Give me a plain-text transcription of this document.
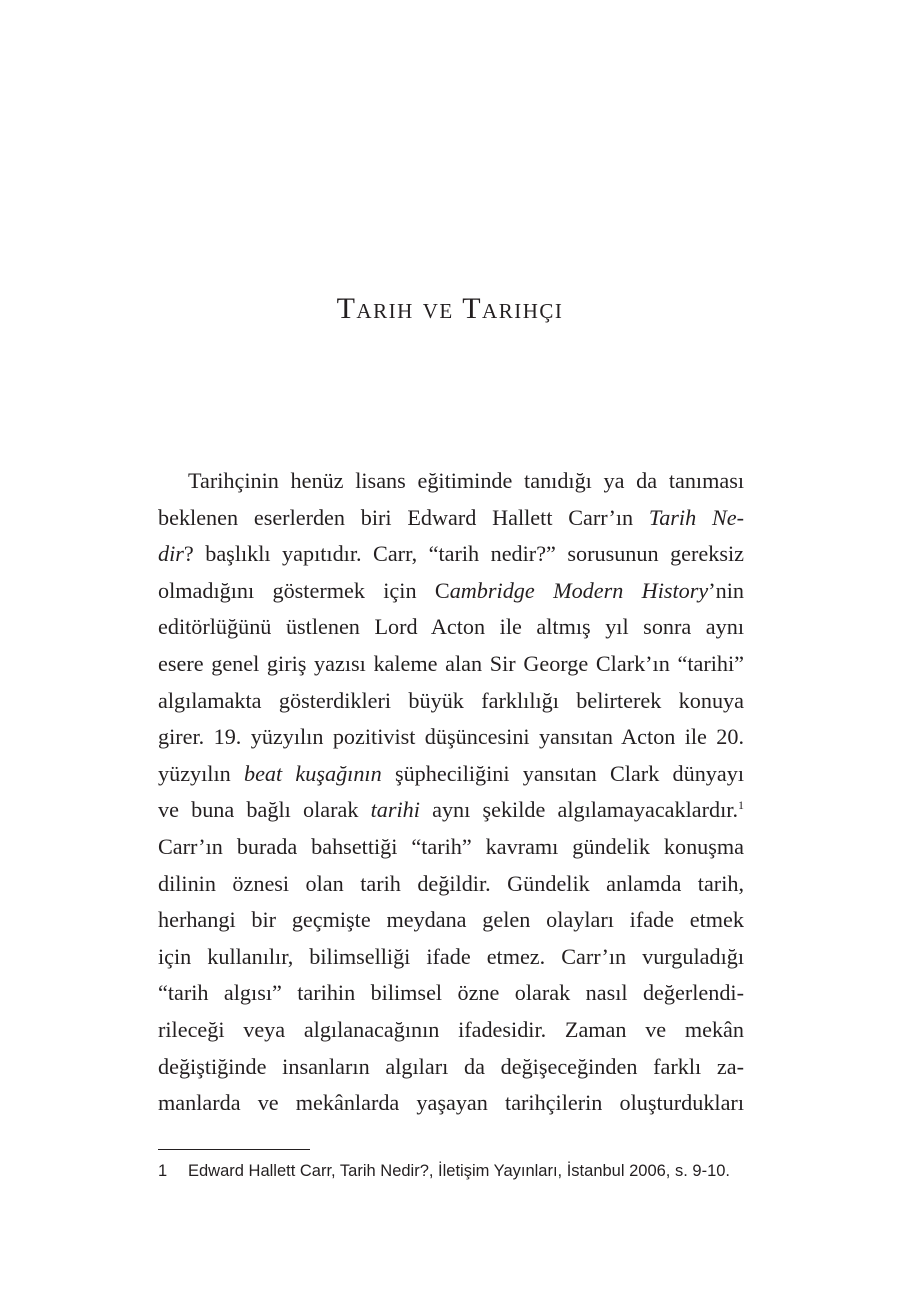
Tarih ve Tarihçi
Tarihçinin henüz lisans eğitiminde tanıdığı ya da tanıması
beklenen eserlerden biri Edward Hallett Carr’ın Tarih Ne-
dir? başlıklı yapıtıdır. Carr, “tarih nedir?” sorusunun gereksiz
olmadığını göstermek için Cambridge Modern History’nin
editörlüğünü üstlenen Lord Acton ile altmış yıl sonra aynı
esere genel giriş yazısı kaleme alan Sir George Clark’ın “tarihi”
algılamakta gösterdikleri büyük farklılığı belirterek konuya
girer. 19. yüzyılın pozitivist düşüncesini yansıtan Acton ile 20.
yüzyılın beat kuşağının şüpheciliğini yansıtan Clark dünyayı
ve buna bağlı olarak tarihi aynı şekilde algılamayacaklardır.$^1$
Carr’ın burada bahsettiği “tarih” kavramı gündelik konuşma
dilinin öznesi olan tarih değildir. Gündelik anlamda tarih,
herhangi bir geçmişte meydana gelen olayları ifade etmek
için kullanılır, bilimselliği ifade etmez. Carr’ın vurguladığı
“tarih algısı” tarihin bilimsel özne olarak nasıl değerlendi-
rileceği veya algılanacağının ifadesidir. Zaman ve mekân
değiştiğinde insanların algıları da değişeceğinden farklı za-
manlarda ve mekânlarda yaşayan tarihçilerin oluşturdukları
1 Edward Hallett Carr, Tarih Nedir?, İletişim Yayınları, İstanbul 2006, s. 9-10.
